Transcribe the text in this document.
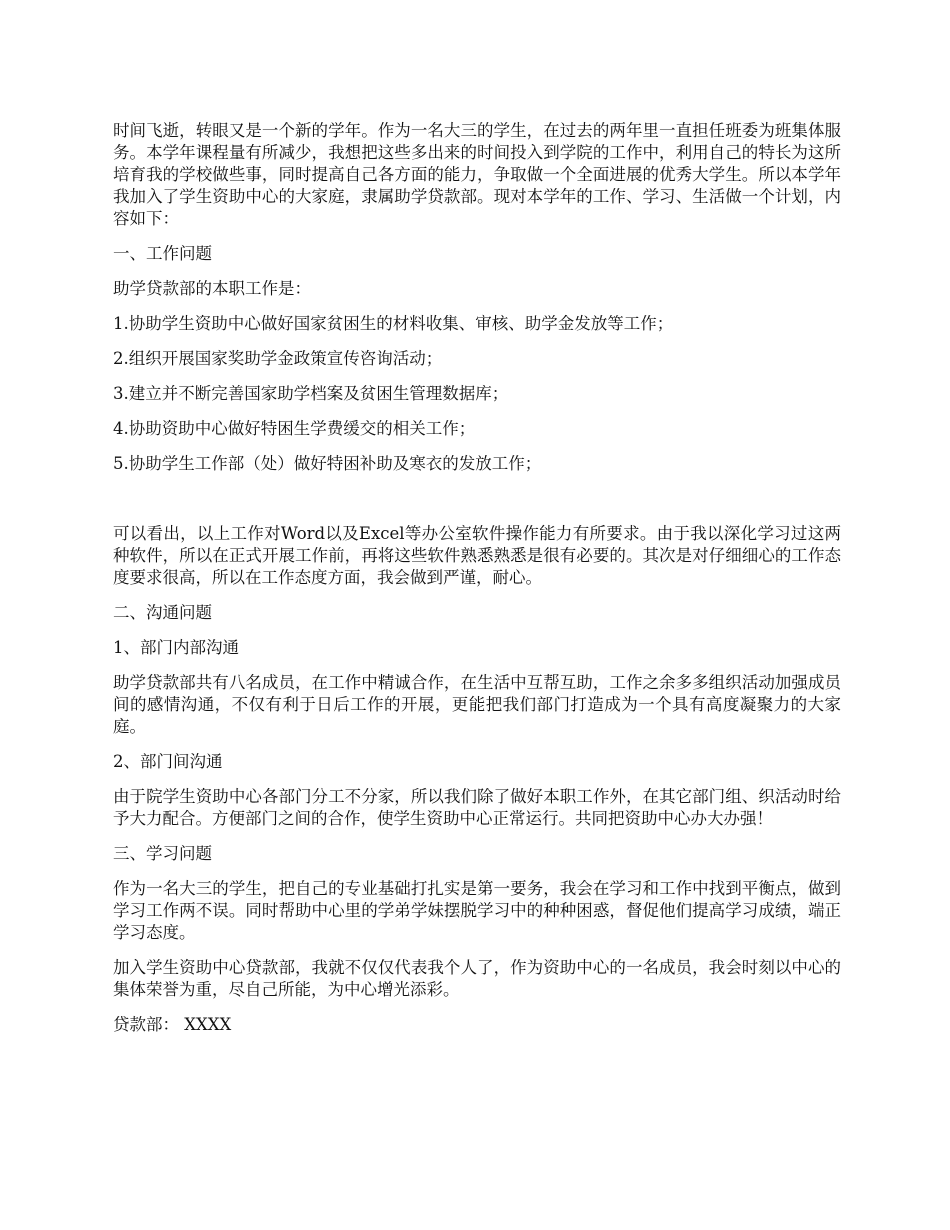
时间飞逝，转眼又是一个新的学年。作为一名大三的学生，在过去的两年里一直担任班委为班集体服务。本学年课程量有所减少，我想把这些多出来的时间投入到学院的工作中，利用自己的特长为这所培育我的学校做些事，同时提高自己各方面的能力，争取做一个全面进展的优秀大学生。所以本学年我加入了学生资助中心的大家庭，隶属助学贷款部。现对本学年的工作、学习、生活做一个计划，内容如下：

一、工作问题

助学贷款部的本职工作是：

1.协助学生资助中心做好国家贫困生的材料收集、审核、助学金发放等工作；

2.组织开展国家奖助学金政策宣传咨询活动；

3.建立并不断完善国家助学档案及贫困生管理数据库；

4.协助资助中心做好特困生学费缓交的相关工作；

5.协助学生工作部（处）做好特困补助及寒衣的发放工作；

可以看出，以上工作对Word以及Excel等办公室软件操作能力有所要求。由于我以深化学习过这两种软件，所以在正式开展工作前，再将这些软件熟悉熟悉是很有必要的。其次是对仔细细心的工作态度要求很高，所以在工作态度方面，我会做到严谨，耐心。

二、沟通问题

1、部门内部沟通

助学贷款部共有八名成员，在工作中精诚合作，在生活中互帮互助，工作之余多多组织活动加强成员间的感情沟通，不仅有利于日后工作的开展，更能把我们部门打造成为一个具有高度凝聚力的大家庭。

2、部门间沟通

由于院学生资助中心各部门分工不分家，所以我们除了做好本职工作外，在其它部门组、织活动时给予大力配合。方便部门之间的合作，使学生资助中心正常运行。共同把资助中心办大办强！

三、学习问题

作为一名大三的学生，把自己的专业基础打扎实是第一要务，我会在学习和工作中找到平衡点，做到学习工作两不误。同时帮助中心里的学弟学妹摆脱学习中的种种困惑，督促他们提高学习成绩，端正学习态度。

加入学生资助中心贷款部，我就不仅仅代表我个人了，作为资助中心的一名成员，我会时刻以中心的集体荣誉为重，尽自己所能，为中心增光添彩。

贷款部： XXXX
